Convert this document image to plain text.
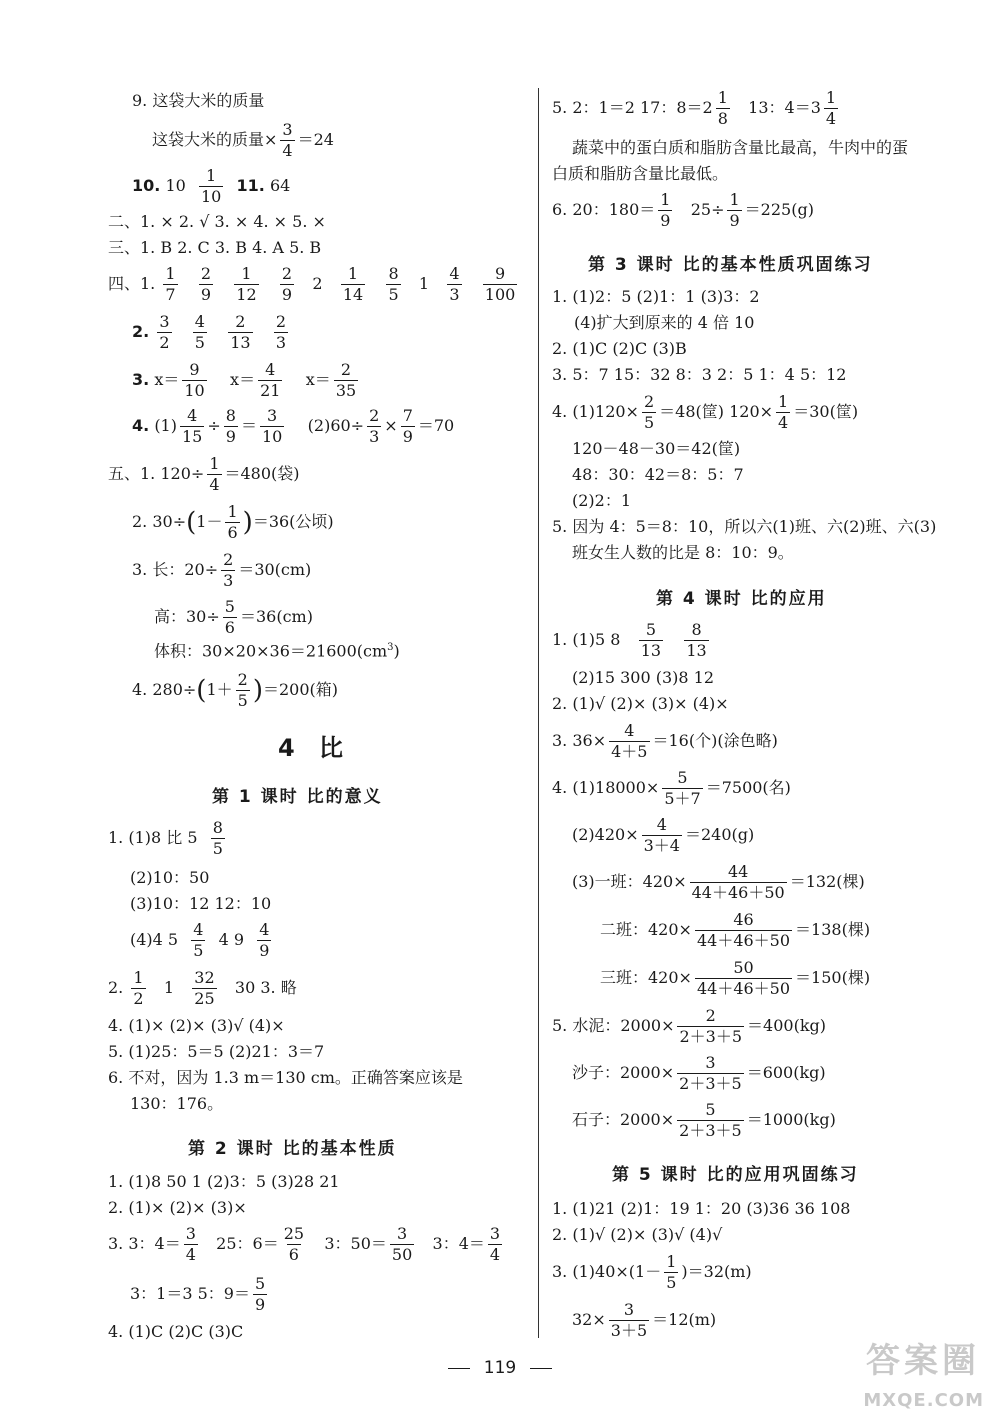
9. 这袋大米的质量
这袋大米的质量× $\frac{3}{4} =24$
10. $10 \frac{1}{10} 11$. 64
二、1. × 2. √ 3. × 4. × 5. ×
三、1. B 2. C 3. B 4. A 5. B
四、1. $\frac{1}{7}$
$\frac{2}{9}$
$\frac{1}{12}$
$\frac{2}{9} 2 \frac{1}{14}$
$\frac{8}{5} 1 \frac{4}{3}$
$\frac{9}{100}$
2. $\frac{3}{2}$
$\frac{4}{5}$
$\frac{2}{13}$
$\frac{2}{3}$
3. $x= \frac{9}{10} x= \frac{4}{21} x= \frac{2}{35}$
4. $(1) \frac{4}{15} \div \frac{8}{9} = \frac{3}{10} (2)60\div \frac{2}{3} \times \frac{7}{9} =70$
五、1. $120\div \frac{1}{4} =480$(袋)
2. $30\div(1- \frac{1}{6} )=36$(公顷)
3. 长：$20\div \frac{2}{3} =30(cm)$
高：$30\div \frac{5}{6} =36(cm)$
体积：$30\times 20\times 36=21600(cm^3)$
4. $280\div(1+ \frac{2}{5} )=200$(箱)
4 比
第 1 课时 比的意义
1. (1)8 比 $5 \frac{8}{5}$
(2)10：50
(3)10：12 12：10
(4)4 $5 \frac{4}{5} 4$ $9 \frac{4}{9}$
2. $\frac{1}{2} 1 \frac{32}{25} 30$ 3. 略
4. (1)× (2)× (3)√ (4)×
5. (1)25：5＝5 (2)21：3＝7
6. 不对，因为 1.3 m＝130 cm。正确答案应该是
130：176。
第 2 课时 比的基本性质
1. (1)8 50 1 (2)3：5 (3)28 21
2. (1)× (2)× (3)×
3. 3：$4= \frac{3}{4} 25$：$6= \frac{25}{6} 3$：$50= \frac{3}{50} 3$：$4= \frac{3}{4}$
3：1＝3 5：$9= \frac{5}{9}$
4. (1)C (2)C (3)C
5. 2：1＝2 17：$8=2 \frac{1}{8} 13$：$4=3 \frac{1}{4}$
蔬菜中的蛋白质和脂肪含量比最高，牛肉中的蛋
白质和脂肪含量比最低。
6. 20：$180= \frac{1}{9} 25\div \frac{1}{9} =225(g)$
第 3 课时 比的基本性质巩固练习
1. (1)2：5 (2)1：1 (3)3：2
(4)扩大到原来的 4 倍 10
2. (1)C (2)C (3)B
3. 5：7 15：32 8：3 2：5 1：4 5：12
4. $(1)120\times \frac{2}{5} =48$(筐) $120\times \frac{1}{4} =30$(筐)
120－48－30＝42(筐)
48：30：42＝8：5：7
(2)2：1
5. 因为 4：5＝8：10，所以六(1)班、六(2)班、六(3)
班女生人数的比是 8：10：9。
第 4 课时 比的应用
1. (1)5 $8 \frac{5}{13}$
$\frac{8}{13}$
(2)15 300 (3)8 12
2. (1)√ (2)× (3)× (4)×
3. $36\times \frac{4}{4+5} =16$(个)(涂色略)
4. $(1)18000\times \frac{5}{5+7} =7500$(名)
$(2)420\times \frac{4}{3+4} =240(g)$
(3)一班：$420\times \frac{44}{44+46+50} =132$(棵)
二班：$420\times \frac{46}{44+46+50} =138$(棵)
三班：$420\times \frac{50}{44+46+50} =150$(棵)
5. 水泥：$2000\times \frac{2}{2+3+5} =400(kg)$
沙子：$2000\times \frac{3}{2+3+5} =600(kg)$
石子：$2000\times \frac{5}{2+3+5} =1000(kg)$
第 5 课时 比的应用巩固练习
1. (1)21 (2)1：19 1：20 (3)36 36 108
2. (1)√ (2)× (3)√ (4)√
3. $(1)40\times(1- \frac{1}{5} )=32(m)$
$32\times \frac{3}{3+5} =12(m)$
119	答案圈
MXQE.COM
